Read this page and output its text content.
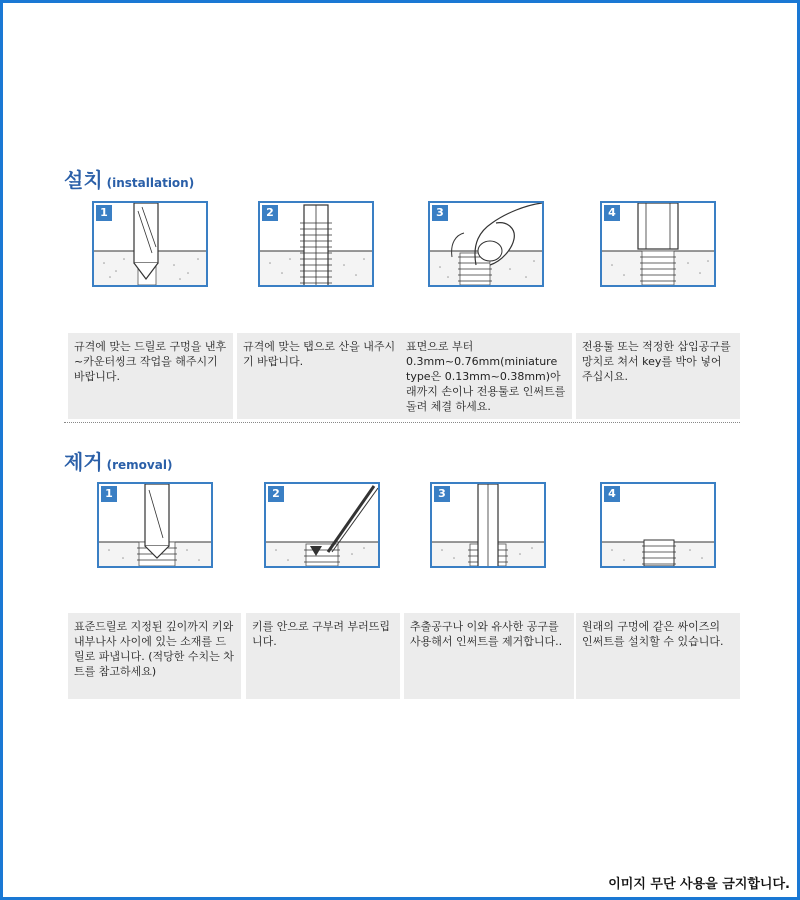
설치 (installation)
1
규격에 맞는 드릴로 구멍을 낸후 ~카운터씽크 작업을 해주시기 바랍니다.
2
규격에 맞는 탭으로 산을 내주시기 바랍니다.
3
표면으로 부터 0.3mm~0.76mm(miniature type은 0.13mm~0.38mm)아래까지 손이나 전용툴로 인써트를 돌려 체결 하세요.
4
전용툴 또는 적정한 삽입공구를 망치로 쳐서 key를 박아 넣어 주십시요.
제거 (removal)
1
표준드릴로 지정된 깊이까지 키와 내부나사 사이에 있는 소재를 드릴로 파냅니다. (적당한 수치는 차트를 참고하세요)
2
키를 안으로 구부려 부러뜨립니다.
3
추출공구나 이와 유사한 공구를 사용해서 인써트를 제거합니다..
4
원래의 구멍에 같은 싸이즈의 인써트를 설치할 수 있습니다.
이미지 무단 사용을 금지합니다.
